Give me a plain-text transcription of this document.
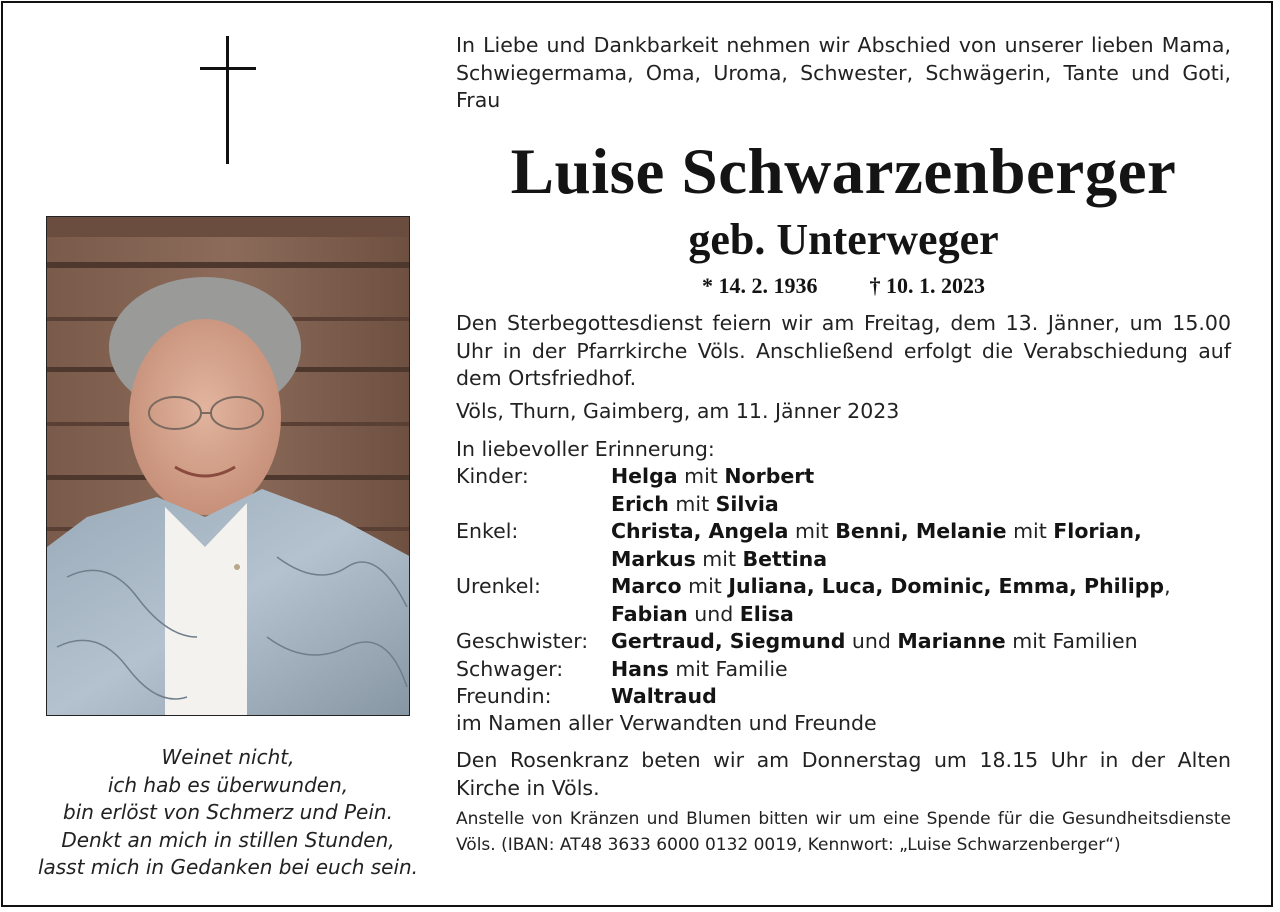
Weinet nicht,
ich hab es überwunden,
bin erlöst von Schmerz und Pein.
Denkt an mich in stillen Stunden,
lasst mich in Gedanken bei euch sein.

In Liebe und Dankbarkeit nehmen wir Abschied von unserer lieben Mama, Schwiegermama, Oma, Uroma, Schwester, Schwägerin, Tante und Goti, Frau

Luise Schwarzenberger
geb. Unterweger
* 14. 2. 1936 † 10. 1. 2023

Den Sterbegottesdienst feiern wir am Freitag, dem 13. Jänner, um 15.00 Uhr in der Pfarrkirche Völs. Anschließend erfolgt die Verabschiedung auf dem Ortsfriedhof.

Völs, Thurn, Gaimberg, am 11. Jänner 2023
In liebevoller Erinnerung:
Kinder:	Helga mit Norbert
Erich mit Silvia
Enkel:	Christa, Angela mit Benni, Melanie mit Florian,
Markus mit Bettina
Urenkel:	Marco mit Juliana, Luca, Dominic, Emma, Philipp,
Fabian und Elisa
Geschwister:	Gertraud, Siegmund und Marianne mit Familien
Schwager:	Hans mit Familie
Freundin:	Waltraud
im Namen aller Verwandten und Freunde

Den Rosenkranz beten wir am Donnerstag um 18.15 Uhr in der Alten Kirche in Völs.

Anstelle von Kränzen und Blumen bitten wir um eine Spende für die Gesundheitsdienste Völs. (IBAN: AT48 3633 6000 0132 0019, Kennwort: „Luise Schwarzenberger“)
